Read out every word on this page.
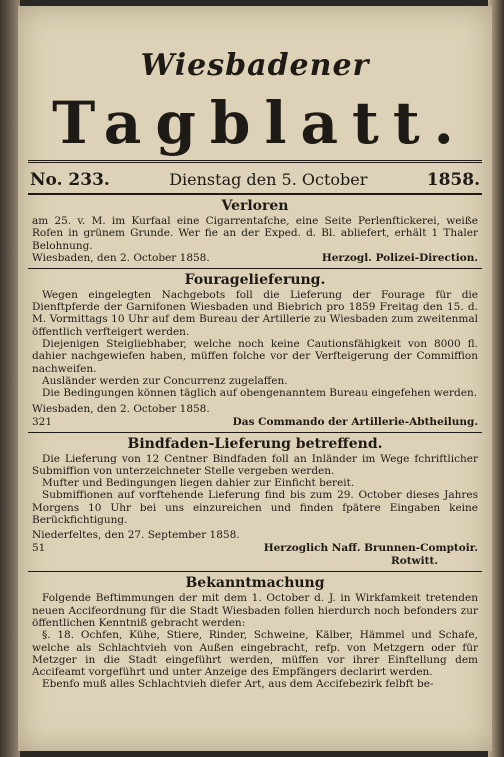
Wiesbadener
Tagblatt.
No. 233.	Dienstag den 5. October	1858.
Verloren

am 25. v. M. im Kurfaal eine Cigarrentafche, eine Seite Perlenftickerei, weiße Rofen in grünem Grunde. Wer fie an der Exped. d. Bl. abliefert, erhält 1 Thaler Belohnung.

Wiesbaden, den 2. October 1858.	Herzogl. Polizei-Direction.
Fouragelieferung.

Wegen eingelegten Nachgebots foll die Lieferung der Fourage für die Dienftpferde der Garnifonen Wiesbaden und Biebrich pro 1859 Freitag den 15. d. M. Vormittags 10 Uhr auf dem Bureau der Artillerie zu Wiesbaden zum zweitenmal öffentlich verfteigert werden.

Diejenigen Steigliebhaber, welche noch keine Cautionsfähigkeit von 8000 fl. dahier nachgewiefen haben, müffen folche vor der Verfteigerung der Commiffion nachweifen.

Ausländer werden zur Concurrenz zugelaffen.

Die Bedingungen können täglich auf obengenanntem Bureau eingefehen werden.

Wiesbaden, den 2. October 1858.
321	Das Commando der Artillerie-Abtheilung.
Bindfaden-Lieferung betreffend.

Die Lieferung von 12 Centner Bindfaden foll an Inländer im Wege fchriftlicher Submiffion von unterzeichneter Stelle vergeben werden.

Mufter und Bedingungen liegen dahier zur Einficht bereit.

Submiffionen auf vorftehende Lieferung find bis zum 29. October dieses Jahres Morgens 10 Uhr bei uns einzureichen und finden fpätere Eingaben keine Berückfichtigung.

Niederfeltes, den 27. September 1858.
51	Herzoglich Naff. Brunnen-Comptoir.
Rotwitt.
Bekanntmachung

Folgende Beftimmungen der mit dem 1. October d. J. in Wirkfamkeit tretenden neuen Accifeordnung für die Stadt Wiesbaden follen hierdurch noch befonders zur öffentlichen Kenntniß gebracht werden:

§. 18. Ochfen, Kühe, Stiere, Rinder, Schweine, Kälber, Hämmel und Schafe, welche als Schlachtvieh von Außen eingebracht, refp. von Metzgern oder für Metzger in die Stadt eingeführt werden, müffen vor ihrer Einftellung dem Accifeamt vorgeführt und unter Anzeige des Empfängers declarirt werden.

Ebenfo muß alles Schlachtvieh diefer Art, aus dem Accifebezirk felbft be-
